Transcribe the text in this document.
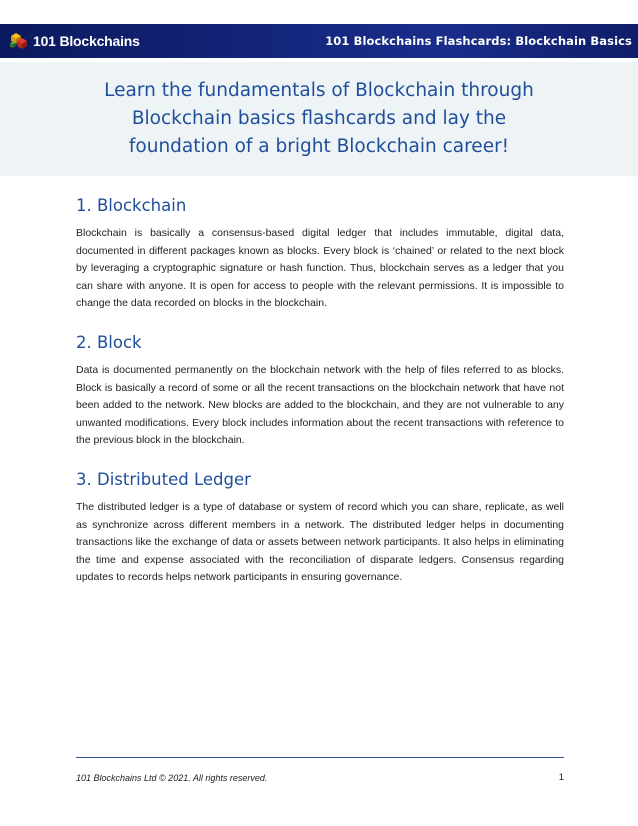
101 Blockchains	101 Blockchains Flashcards: Blockchain Basics

Learn the fundamentals of Blockchain through Blockchain basics flashcards and lay the foundation of a bright Blockchain career!

1. Blockchain

Blockchain is basically a consensus-based digital ledger that includes immutable, digital data, documented in different packages known as blocks. Every block is ‘chained’ or related to the next block by leveraging a cryptographic signature or hash function. Thus, blockchain serves as a ledger that you can share with anyone. It is open for access to people with the relevant permissions. It is impossible to change the data recorded on blocks in the blockchain.

2. Block

Data is documented permanently on the blockchain network with the help of files referred to as blocks. Block is basically a record of some or all the recent transactions on the blockchain network that have not been added to the network. New blocks are added to the blockchain, and they are not vulnerable to any unwanted modifications. Every block includes information about the recent transactions with reference to the previous block in the blockchain.

3. Distributed Ledger

The distributed ledger is a type of database or system of record which you can share, replicate, as well as synchronize across different members in a network. The distributed ledger helps in documenting transactions like the exchange of data or assets between network participants. It also helps in eliminating the time and expense associated with the reconciliation of disparate ledgers. Consensus regarding updates to records helps network participants in ensuring governance.

101 Blockchains Ltd © 2021. All rights reserved.	1
